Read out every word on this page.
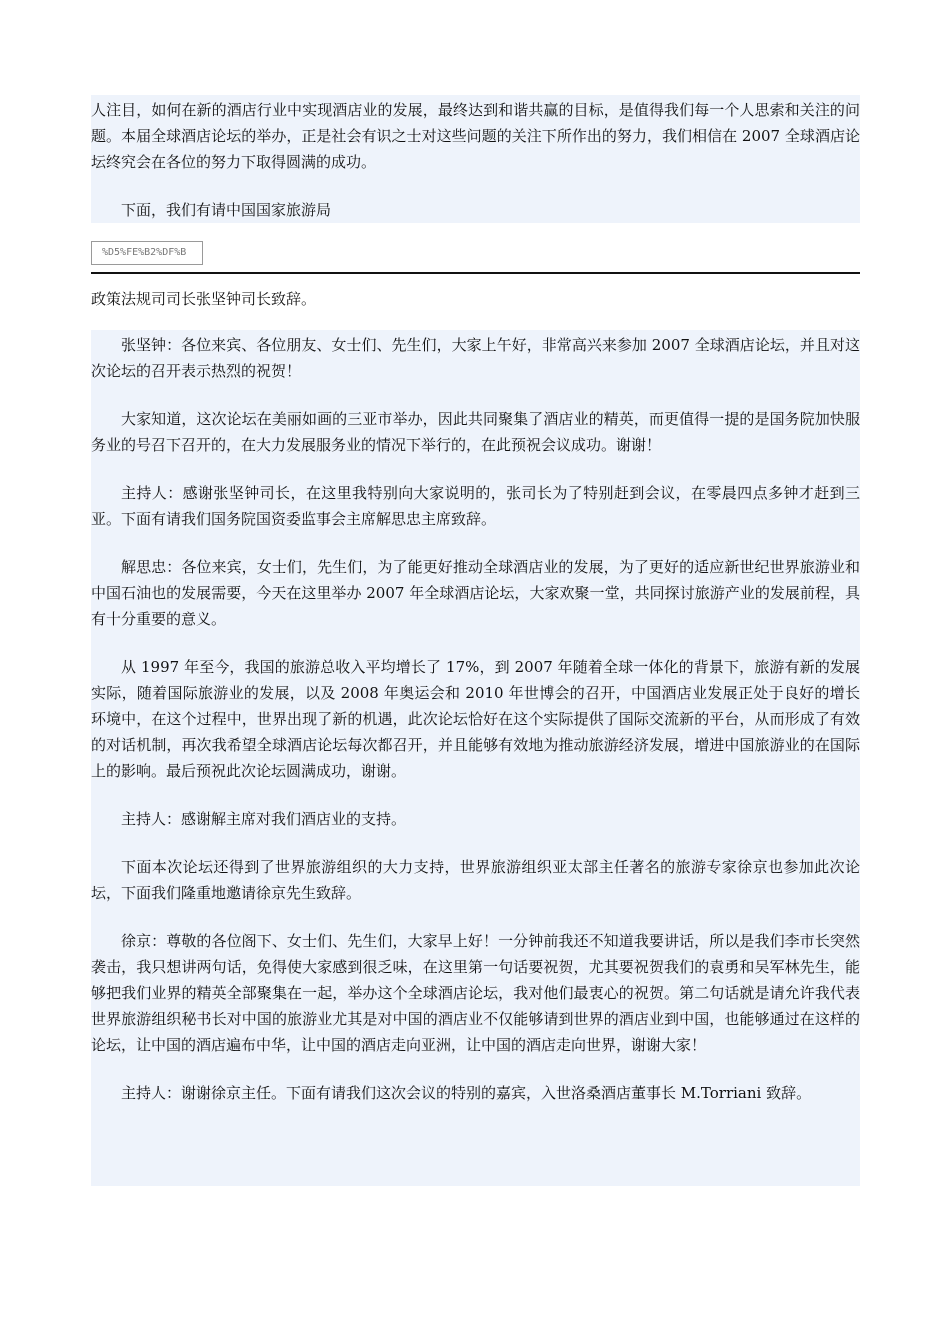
人注目，如何在新的酒店行业中实现酒店业的发展，最终达到和谐共赢的目标，是值得我们每一个人思索和关注的问题。本届全球酒店论坛的举办，正是社会有识之士对这些问题的关注下所作出的努力，我们相信在 2007 全球酒店论坛终究会在各位的努力下取得圆满的成功。

下面，我们有请中国国家旅游局

%D5%FE%B2%DF%B

政策法规司司长张坚钟司长致辞。

张坚钟：各位来宾、各位朋友、女士们、先生们，大家上午好，非常高兴来参加 2007 全球酒店论坛，并且对这次论坛的召开表示热烈的祝贺！

大家知道，这次论坛在美丽如画的三亚市举办，因此共同聚集了酒店业的精英，而更值得一提的是国务院加快服务业的号召下召开的，在大力发展服务业的情况下举行的，在此预祝会议成功。谢谢！

主持人：感谢张坚钟司长，在这里我特别向大家说明的，张司长为了特别赶到会议，在零晨四点多钟才赶到三亚。下面有请我们国务院国资委监事会主席解思忠主席致辞。

解思忠：各位来宾，女士们，先生们，为了能更好推动全球酒店业的发展，为了更好的适应新世纪世界旅游业和中国石油也的发展需要，今天在这里举办 2007 年全球酒店论坛，大家欢聚一堂，共同探讨旅游产业的发展前程，具有十分重要的意义。

从 1997 年至今，我国的旅游总收入平均增长了 17%，到 2007 年随着全球一体化的背景下，旅游有新的发展实际，随着国际旅游业的发展，以及 2008 年奥运会和 2010 年世博会的召开，中国酒店业发展正处于良好的增长环境中，在这个过程中，世界出现了新的机遇，此次论坛恰好在这个实际提供了国际交流新的平台，从而形成了有效的对话机制，再次我希望全球酒店论坛每次都召开，并且能够有效地为推动旅游经济发展，增进中国旅游业的在国际上的影响。最后预祝此次论坛圆满成功，谢谢。

主持人：感谢解主席对我们酒店业的支持。

下面本次论坛还得到了世界旅游组织的大力支持，世界旅游组织亚太部主任著名的旅游专家徐京也参加此次论坛，下面我们隆重地邀请徐京先生致辞。

徐京：尊敬的各位阁下、女士们、先生们，大家早上好！一分钟前我还不知道我要讲话，所以是我们李市长突然袭击，我只想讲两句话，免得使大家感到很乏味，在这里第一句话要祝贺，尤其要祝贺我们的袁勇和吴军林先生，能够把我们业界的精英全部聚集在一起，举办这个全球酒店论坛，我对他们最衷心的祝贺。第二句话就是请允许我代表世界旅游组织秘书长对中国的旅游业尤其是对中国的酒店业不仅能够请到世界的酒店业到中国，也能够通过在这样的论坛，让中国的酒店遍布中华，让中国的酒店走向亚洲，让中国的酒店走向世界，谢谢大家！

主持人：谢谢徐京主任。下面有请我们这次会议的特别的嘉宾，入世洛桑酒店董事长 M.Torriani 致辞。
